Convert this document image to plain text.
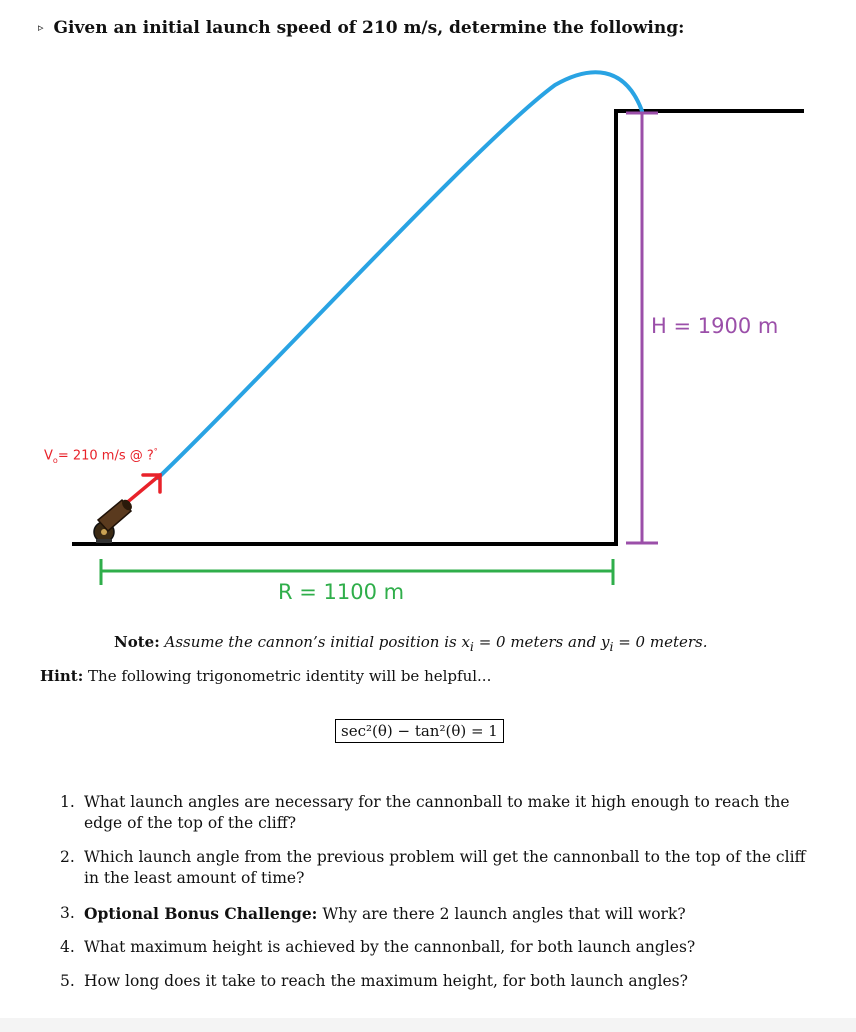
▹ Given an initial launch speed of 210 m/s, determine the following:
$V_o= 210$ m/s @ ?°
H = 1900 m
R = 1100 m
Note: Assume the cannon’s initial position is $x_i = 0$ meters and $y_i = 0$ meters.
Hint: The following trigonometric identity will be helpful...
sec²(θ) − tan²(θ) = 1
1. What launch angles are necessary for the cannonball to make it high enough to reach the edge of the top of the cliff?
2. Which launch angle from the previous problem will get the cannonball to the top of the cliff in the least amount of time?
3. Optional Bonus Challenge: Why are there 2 launch angles that will work?
4. What maximum height is achieved by the cannonball, for both launch angles?
5. How long does it take to reach the maximum height, for both launch angles?
